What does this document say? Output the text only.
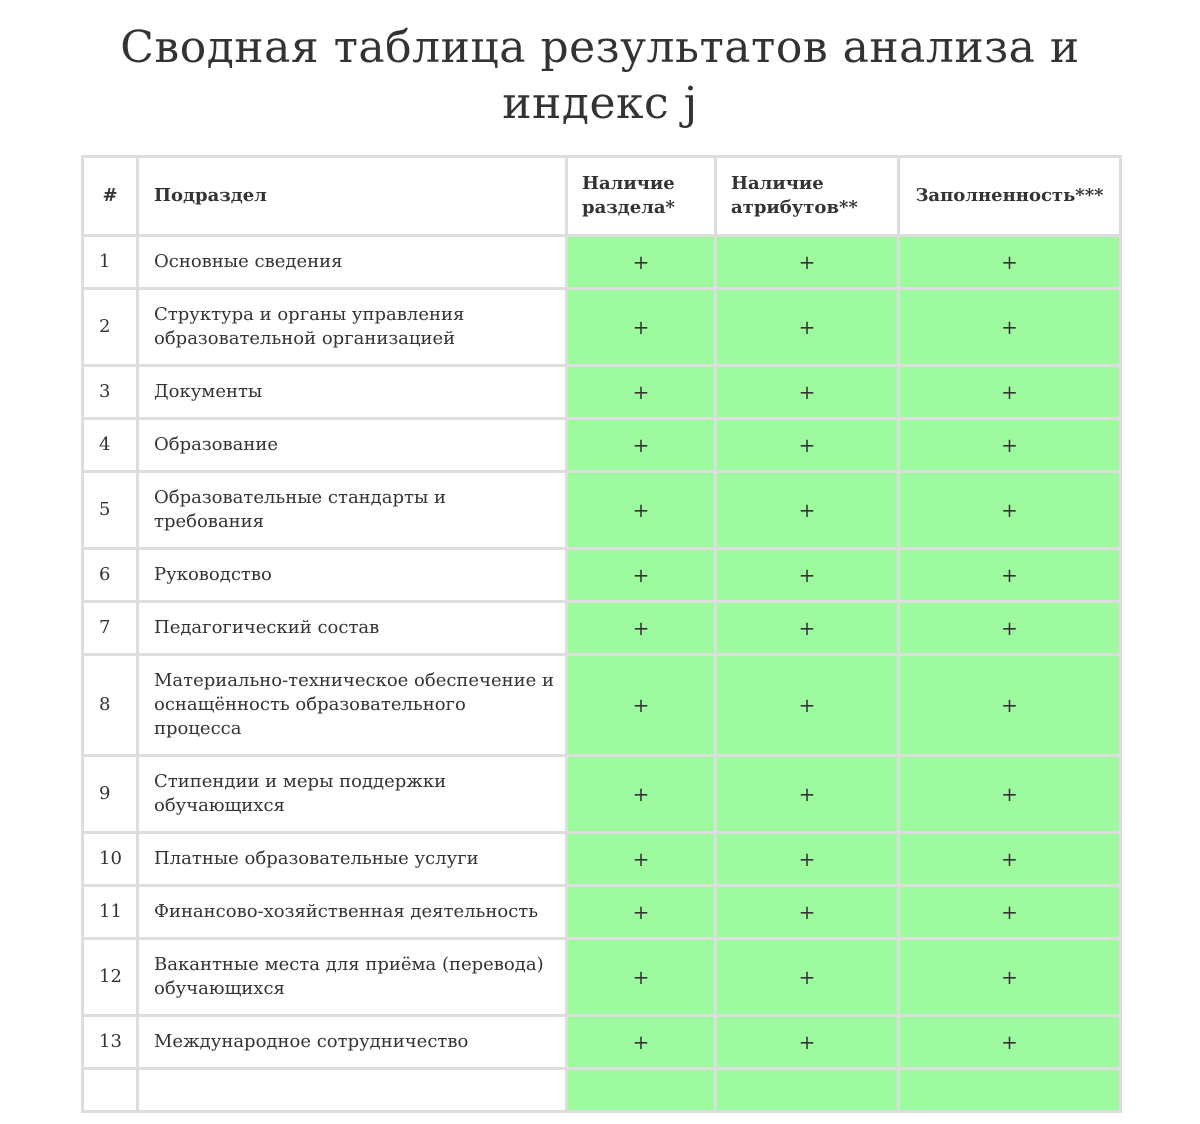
Сводная таблица результатов анализа и индекс j
#	Подраздел	Наличие раздела*	Наличие атрибутов**	Заполненность***
1	Основные сведения	+	+	+
2	Структура и органы управления образовательной организацией	+	+	+
3	Документы	+	+	+
4	Образование	+	+	+
5	Образовательные стандарты и требования	+	+	+
6	Руководство	+	+	+
7	Педагогический состав	+	+	+
8	Материально-техническое обеспечение и оснащённость образовательного процесса	+	+	+
9	Стипендии и меры поддержки обучающихся	+	+	+
10	Платные образовательные услуги	+	+	+
11	Финансово-хозяйственная деятельность	+	+	+
12	Вакантные места для приёма (перевода) обучающихся	+	+	+
13	Международное сотрудничество	+	+	+
